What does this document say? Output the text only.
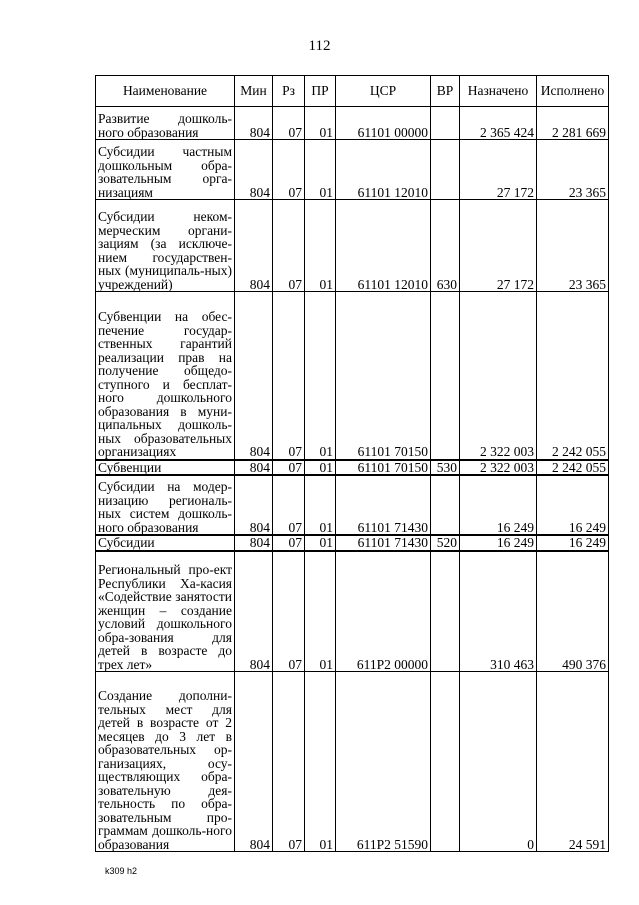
112
Наименование	Мин	Рз	ПР	ЦСР	ВР	Назначено	Исполнено
Развитие дошколь-ного образования	804	07	01	61101 00000		2 365 424	2 281 669
Субсидии частным дошкольным обра-зовательным орга-низациям	804	07	01	61101 12010		27 172	23 365
Субсидии неком-мерческим органи-зациям (за исключе-нием государствен-ных (муниципаль-ных) учреждений)	804	07	01	61101 12010	630	27 172	23 365
Субвенции на обес-печение государ-ственных гарантий реализации прав на получение общедо-ступного и бесплат-ного дошкольного образования в муни-ципальных дошколь-ных образовательных организациях	804	07	01	61101 70150		2 322 003	2 242 055
Субвенции	804	07	01	61101 70150	530	2 322 003	2 242 055
Субсидии на модер-низацию региональ-ных систем дошколь-ного образования	804	07	01	61101 71430		16 249	16 249
Субсидии	804	07	01	61101 71430	520	16 249	16 249
Региональный про-ект Республики Ха-касия «Содействие занятости женщин – создание условий дошкольного обра-зования для детей в возрасте до трех лет»	804	07	01	611P2 00000		310 463	490 376
Создание дополни-тельных мест для детей в возрасте от 2 месяцев до 3 лет в образовательных ор-ганизациях, осу-ществляющих обра-зовательную дея-тельность по обра-зовательным про-граммам дошколь-ного образования	804	07	01	611P2 51590		0	24 591
k309 h2
